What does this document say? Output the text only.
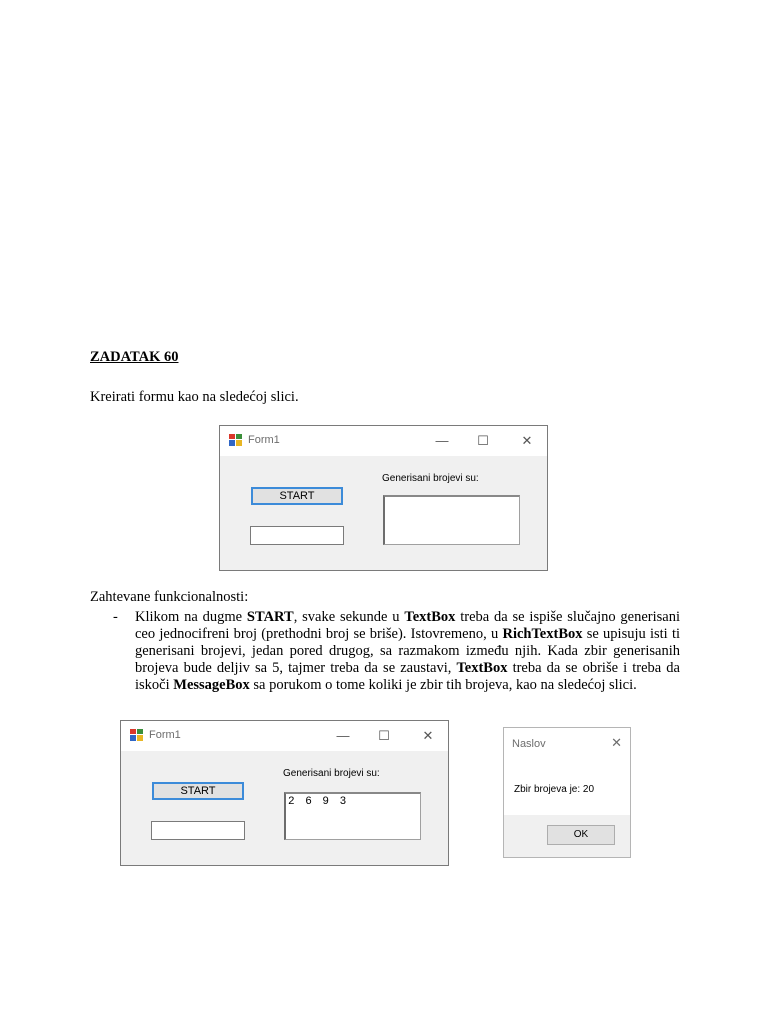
ZADATAK 60
Kreirati formu kao na sledećoj slici.
Form1	—	☐	✕
START
Generisani brojevi su:
Zahtevane funkcionalnosti:
- Klikom na dugme START, svake sekunde u TextBox treba da se ispiše slučajno generisani ceo jednocifreni broj (prethodni broj se briše). Istovremeno, u RichTextBox se upisuju isti ti generisani brojevi, jedan pored drugog, sa razmakom između njih. Kada zbir generisanih brojeva bude deljiv sa 5, tajmer treba da se zaustavi, TextBox treba da se obriše i treba da iskoči MessageBox sa porukom o tome koliki je zbir tih brojeva, kao na sledećoj slici.
Form1	—	☐	✕
START
Generisani brojevi su:
2 6 9 3
Naslov	✕
Zbir brojeva je: 20
OK
